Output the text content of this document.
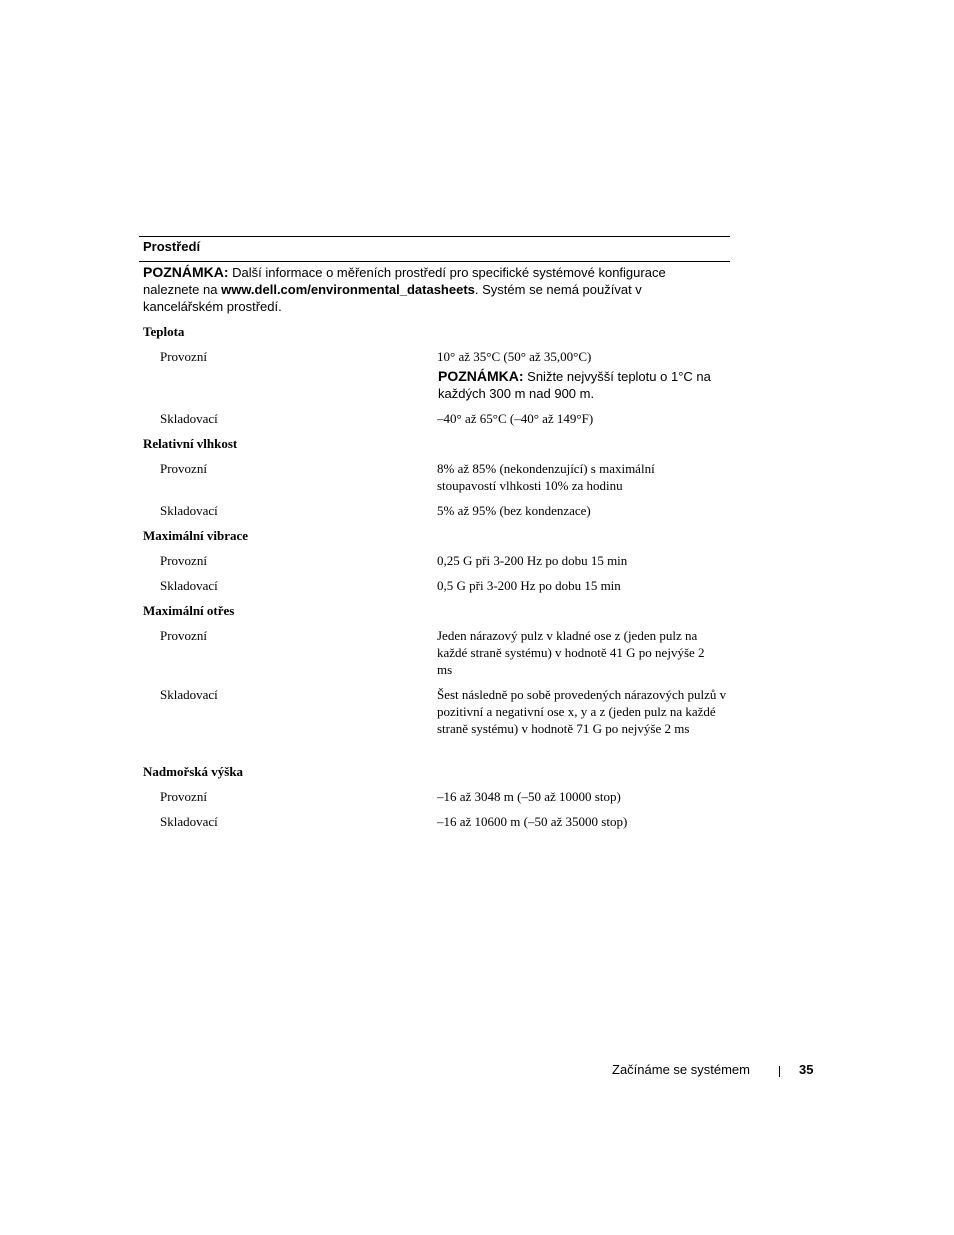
Prostředí
POZNÁMKA: Další informace o měřeních prostředí pro specifické systémové konfigurace naleznete na www.dell.com/environmental_datasheets. Systém se nemá používat v kancelářském prostředí.
Teplota
Provozní	10° až 35°C (50° až 35,00°C)
POZNÁMKA: Snižte nejvyšší teplotu o 1°C na každých 300 m nad 900 m.
Skladovací	–40° až 65°C (–40° až 149°F)
Relativní vlhkost
Provozní	8% až 85% (nekondenzující) s maximální stoupavostí vlhkosti 10% za hodinu
Skladovací	5% až 95% (bez kondenzace)
Maximální vibrace
Provozní	0,25 G při 3-200 Hz po dobu 15 min
Skladovací	0,5 G při 3-200 Hz po dobu 15 min
Maximální otřes
Provozní	Jeden nárazový pulz v kladné ose z (jeden pulz na každé straně systému) v hodnotě 41 G po nejvýše 2 ms
Skladovací	Šest následně po sobě provedených nárazových pulzů v pozitivní a negativní ose x, y a z (jeden pulz na každé straně systému) v hodnotě 71 G po nejvýše 2 ms
Nadmořská výška
Provozní	–16 až 3048 m (–50 až 10000 stop)
Skladovací	–16 až 10600 m (–50 až 35000 stop)
Začínáme se systémem	35
